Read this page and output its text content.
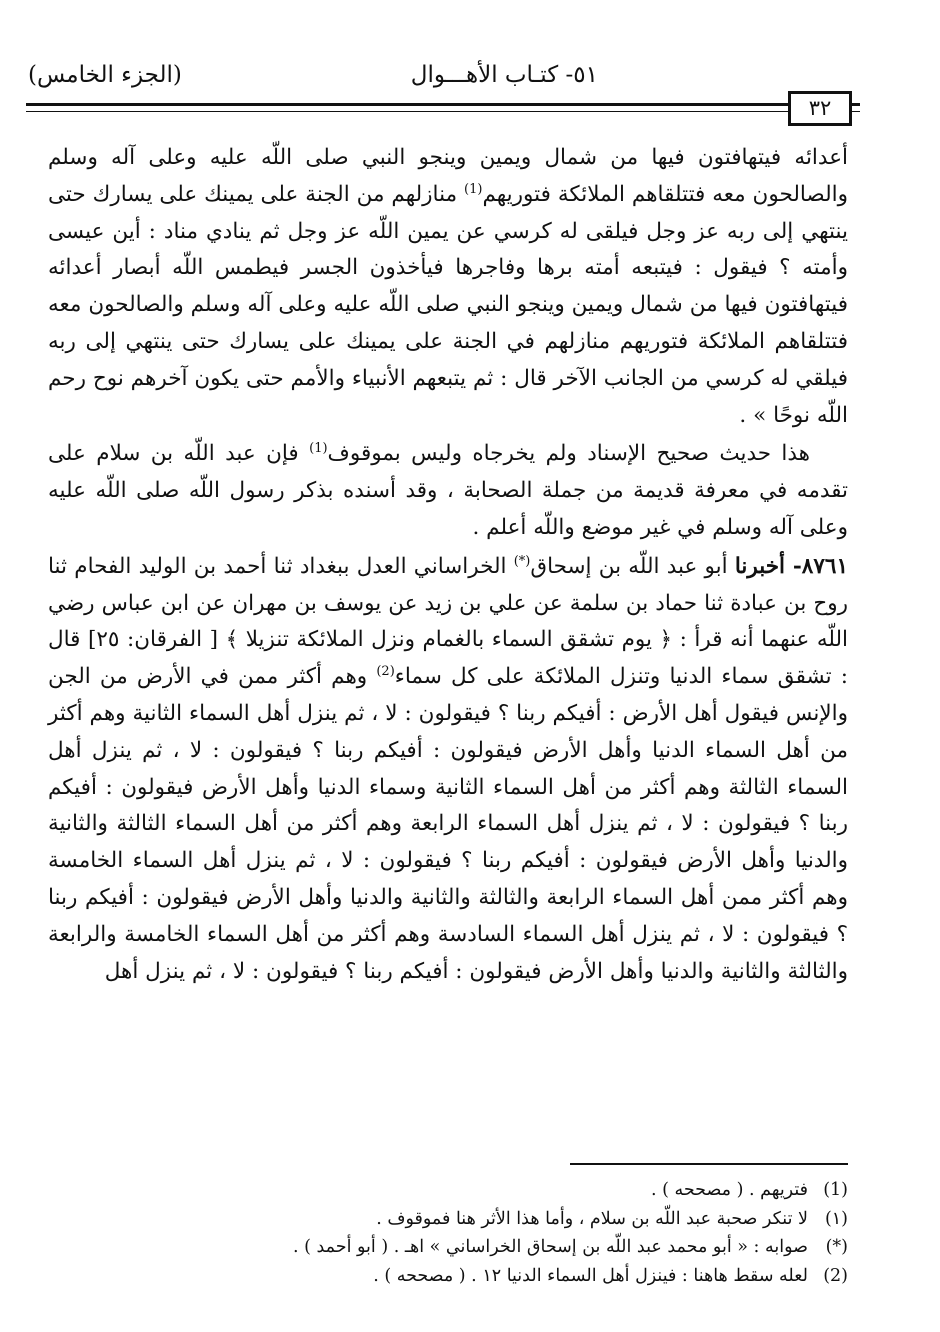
٥١- كتـاب الأهـــوال
(الجزء الخامس)
٣٢

أعدائه فيتهافتون فيها من شمال ويمين وينجو النبي صلى اللّه عليه وعلى آله وسلم والصالحون معه فتتلقاهم الملائكة فتوريهم$^{(1)}$ منازلهم من الجنة على يمينك على يسارك حتى ينتهي إلى ربه عز وجل فيلقى له كرسي عن يمين اللّه عز وجل ثم ينادي مناد : أين عيسى وأمته ؟ فيقول : فيتبعه أمته برها وفاجرها فيأخذون الجسر فيطمس اللّه أبصار أعدائه فيتهافتون فيها من شمال ويمين وينجو النبي صلى اللّه عليه وعلى آله وسلم والصالحون معه فتتلقاهم الملائكة فتوريهم منازلهم في الجنة على يمينك على يسارك حتى ينتهي إلى ربه فيلقي له كرسي من الجانب الآخر قال : ثم يتبعهم الأنبياء والأمم حتى يكون آخرهم نوح رحم اللّه نوحًا » .

هذا حديث صحيح الإسناد ولم يخرجاه وليس بموقوف$^{(1)}$ فإن عبد اللّه بن سلام على تقدمه في معرفة قديمة من جملة الصحابة ، وقد أسنده بذكر رسول اللّه صلى اللّه عليه وعلى آله وسلم في غير موضع واللّه أعلم .

٨٧٦١- أخبرنا أبو عبد اللّه بن إسحاق(*) الخراساني العدل ببغداد ثنا أحمد بن الوليد الفحام ثنا روح بن عبادة ثنا حماد بن سلمة عن علي بن زيد عن يوسف بن مهران عن ابن عباس رضي اللّه عنهما أنه قرأ : ﴿ يوم تشقق السماء بالغمام ونزل الملائكة تنزيلا ﴾ [ الفرقان: ٢٥] قال : تشقق سماء الدنيا وتنزل الملائكة على كل سماء$^{(2)}$ وهم أكثر ممن في الأرض من الجن والإنس فيقول أهل الأرض : أفيكم ربنا ؟ فيقولون : لا ، ثم ينزل أهل السماء الثانية وهم أكثر من أهل السماء الدنيا وأهل الأرض فيقولون : أفيكم ربنا ؟ فيقولون : لا ، ثم ينزل أهل السماء الثالثة وهم أكثر من أهل السماء الثانية وسماء الدنيا وأهل الأرض فيقولون : أفيكم ربنا ؟ فيقولون : لا ، ثم ينزل أهل السماء الرابعة وهم أكثر من أهل السماء الثالثة والثانية والدنيا وأهل الأرض فيقولون : أفيكم ربنا ؟ فيقولون : لا ، ثم ينزل أهل السماء الخامسة وهم أكثر ممن أهل السماء الرابعة والثالثة والثانية والدنيا وأهل الأرض فيقولون : أفيكم ربنا ؟ فيقولون : لا ، ثم ينزل أهل السماء السادسة وهم أكثر من أهل السماء الخامسة والرابعة والثالثة والثانية والدنيا وأهل الأرض فيقولون : أفيكم ربنا ؟ فيقولون : لا ، ثم ينزل أهل

(1)فتريهم . ( مصححه ) .
(١)لا تنكر صحبة عبد اللّه بن سلام ، وأما هذا الأثر هنا فموقوف .
(*)صوابه : « أبو محمد عبد اللّه بن إسحاق الخراساني » اهـ . ( أبو أحمد ) .
(2)لعله سقط هاهنا : فينزل أهل السماء الدنيا ١٢ . ( مصححه ) .
